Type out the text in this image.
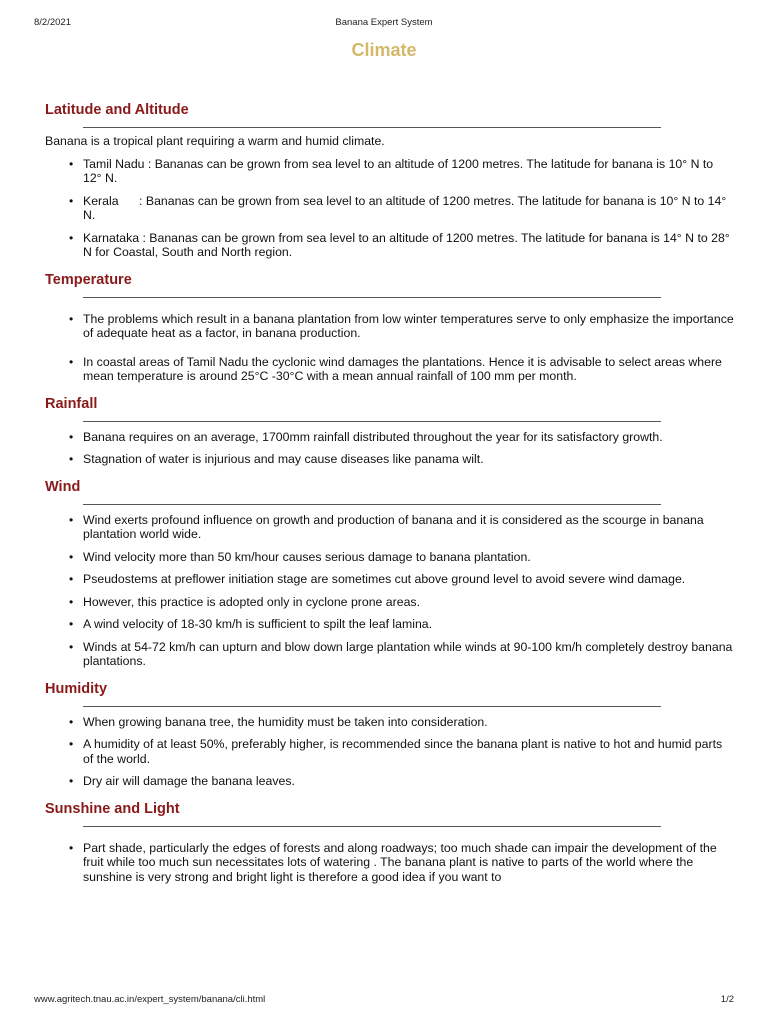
8/2/2021	Banana Expert System
Climate
Latitude and Altitude

Banana is a tropical plant requiring a warm and humid climate.

• Tamil Nadu : Bananas can be grown from sea level to an altitude of 1200 metres. The latitude for banana is 10° N to 12° N.
• Kerala      : Bananas can be grown from sea level to an altitude of 1200 metres. The latitude for banana is 10° N to 14° N.
• Karnataka : Bananas can be grown from sea level to an altitude of 1200 metres. The latitude for banana is 14° N to 28° N for Coastal, South and North region.
Temperature
• The problems which result in a banana plantation from low winter temperatures serve to only emphasize the importance of adequate heat as a factor, in banana production.
• In coastal areas of Tamil Nadu the cyclonic wind damages the plantations. Hence it is advisable to select areas where mean temperature is around 25°C -30°C with a mean annual rainfall of 100 mm per month.
Rainfall
• Banana requires on an average, 1700mm rainfall distributed throughout the year for its satisfactory growth.
• Stagnation of water is injurious and may cause diseases like panama wilt.
Wind
• Wind exerts profound influence on growth and production of banana and it is considered as the scourge in banana plantation world wide.
• Wind velocity more than 50 km/hour causes serious damage to banana plantation.
• Pseudostems at preflower initiation stage are sometimes cut above ground level to avoid severe wind damage.
• However, this practice is adopted only in cyclone prone areas.
• A wind velocity of 18-30 km/h is sufficient to spilt the leaf lamina.
• Winds at 54-72 km/h can upturn and blow down large plantation while winds at 90-100 km/h completely destroy banana plantations.
Humidity
• When growing banana tree, the humidity must be taken into consideration.
• A humidity of at least 50%, preferably higher, is recommended since the banana plant is native to hot and humid parts of the world.
• Dry air will damage the banana leaves.
Sunshine and Light
• Part shade, particularly the edges of forests and along roadways; too much shade can impair the development of the fruit while too much sun necessitates lots of watering . The banana plant is native to parts of the world where the sunshine is very strong and bright light is therefore a good idea if you want to
www.agritech.tnau.ac.in/expert_system/banana/cli.html	1/2
